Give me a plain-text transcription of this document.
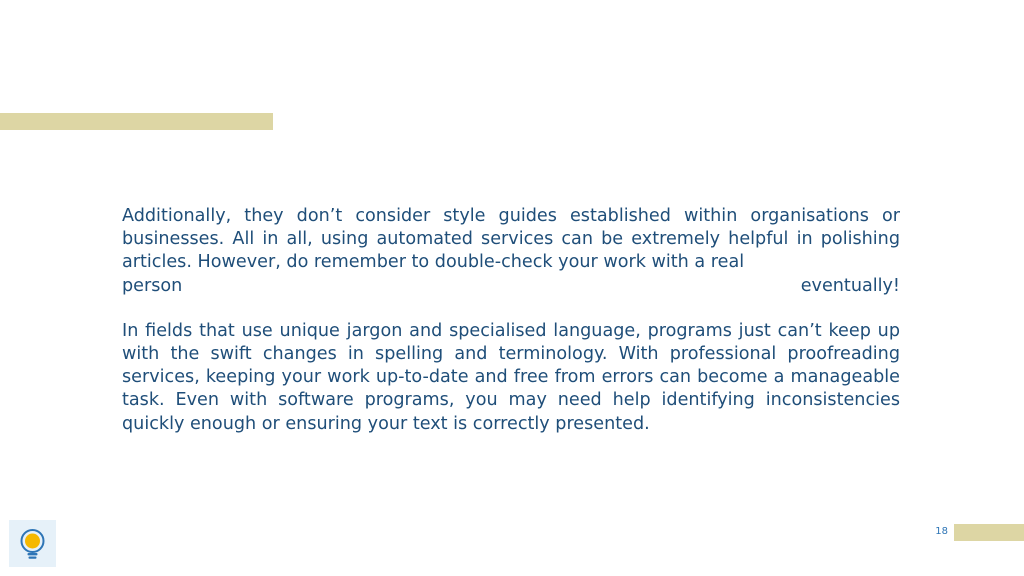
Additionally, they don’t consider style guides established within organisations or businesses. All in all, using automated services can be extremely helpful in polishing articles. However, do remember to double-check your work with a real
person	eventually!

In fields that use unique jargon and specialised language, programs just can’t keep up with the swift changes in spelling and terminology. With professional proofreading services, keeping your work up-to-date and free from errors can become a manageable task. Even with software programs, you may need help identifying inconsistencies quickly enough or ensuring your text is correctly presented.

18
